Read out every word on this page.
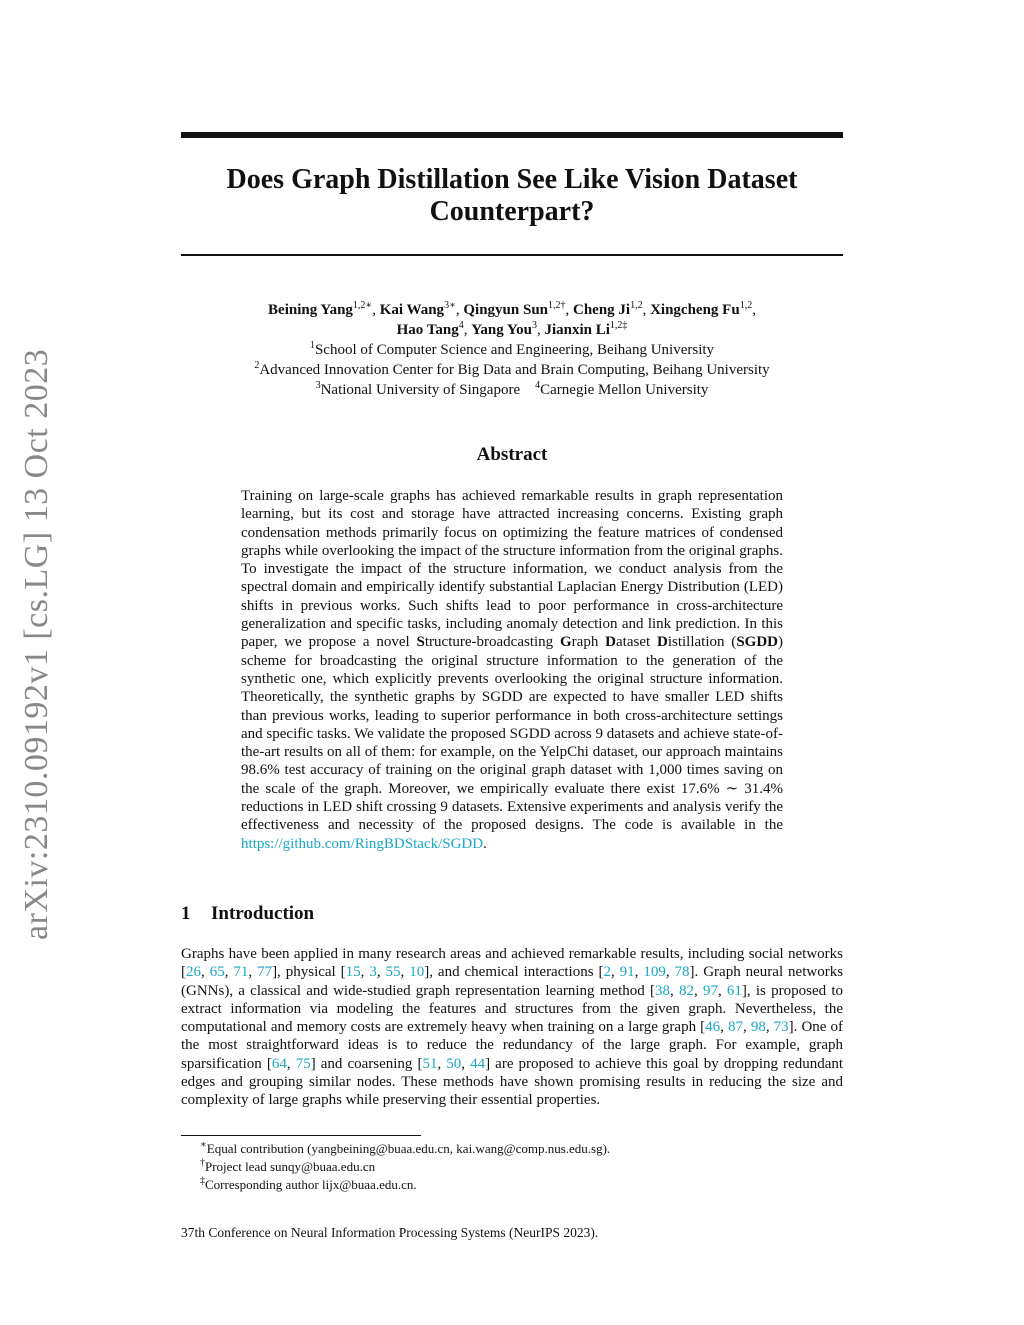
arXiv:2310.09192v1 [cs.LG] 13 Oct 2023
Does Graph Distillation See Like Vision Dataset
Counterpart?
Beining Yang$^{1,2∗}$, Kai Wang$^{3∗}$, Qingyun Sun$^{1,2\dagger}$, Cheng Ji$^{1,2}$, Xingcheng Fu$^{1,2}$,
Hao Tang$^4$, Yang You$^3$, Jianxin $Li^{1,2\ddagger}$
$^1$School of Computer Science and Engineering, Beihang University
$^2$Advanced Innovation Center for Big Data and Brain Computing, Beihang University
$^3$National University of Singapore $^4$Carnegie Mellon University
Abstract

Training on large-scale graphs has achieved remarkable results in graph representation learning, but its cost and storage have attracted increasing concerns. Existing graph condensation methods primarily focus on optimizing the feature matrices of condensed graphs while overlooking the impact of the structure information from the original graphs. To investigate the impact of the structure information, we conduct analysis from the spectral domain and empirically identify substantial Laplacian Energy Distribution (LED) shifts in previous works. Such shifts lead to poor performance in cross-architecture generalization and specific tasks, including anomaly detection and link prediction. In this paper, we propose a novel Structure-broadcasting Graph Dataset Distillation (SGDD) scheme for broadcasting the original structure information to the generation of the synthetic one, which explicitly prevents overlooking the original structure information. Theoretically, the synthetic graphs by SGDD are expected to have smaller LED shifts than previous works, leading to superior performance in both cross-architecture settings and specific tasks. We validate the proposed SGDD across 9 datasets and achieve state-of-the-art results on all of them: for example, on the YelpChi dataset, our approach maintains 98.6% test accuracy of training on the original graph dataset with 1,000 times saving on the scale of the graph. Moreover, we empirically evaluate there exist 17.6% ∼ 31.4% reductions in LED shift crossing 9 datasets. Extensive experiments and analysis verify the effectiveness and necessity of the proposed designs. The code is available in the https://github.com/RingBDStack/SGDD.

1 Introduction

Graphs have been applied in many research areas and achieved remarkable results, including social networks [26, 65, 71, 77], physical [15, 3, 55, 10], and chemical interactions [2, 91, 109, 78]. Graph neural networks (GNNs), a classical and wide-studied graph representation learning method [38, 82, 97, 61], is proposed to extract information via modeling the features and structures from the given graph. Nevertheless, the computational and memory costs are extremely heavy when training on a large graph [46, 87, 98, 73]. One of the most straightforward ideas is to reduce the redundancy of the large graph. For example, graph sparsification [64, 75] and coarsening [51, 50, 44] are proposed to achieve this goal by dropping redundant edges and grouping similar nodes. These methods have shown promising results in reducing the size and complexity of large graphs while preserving their essential properties.

∗Equal contribution (yangbeining@buaa.edu.cn, kai.wang@comp.nus.edu.sg).
†Project lead sunqy@buaa.edu.cn
‡Corresponding author lijx@buaa.edu.cn.
37th Conference on Neural Information Processing Systems (NeurIPS 2023).
